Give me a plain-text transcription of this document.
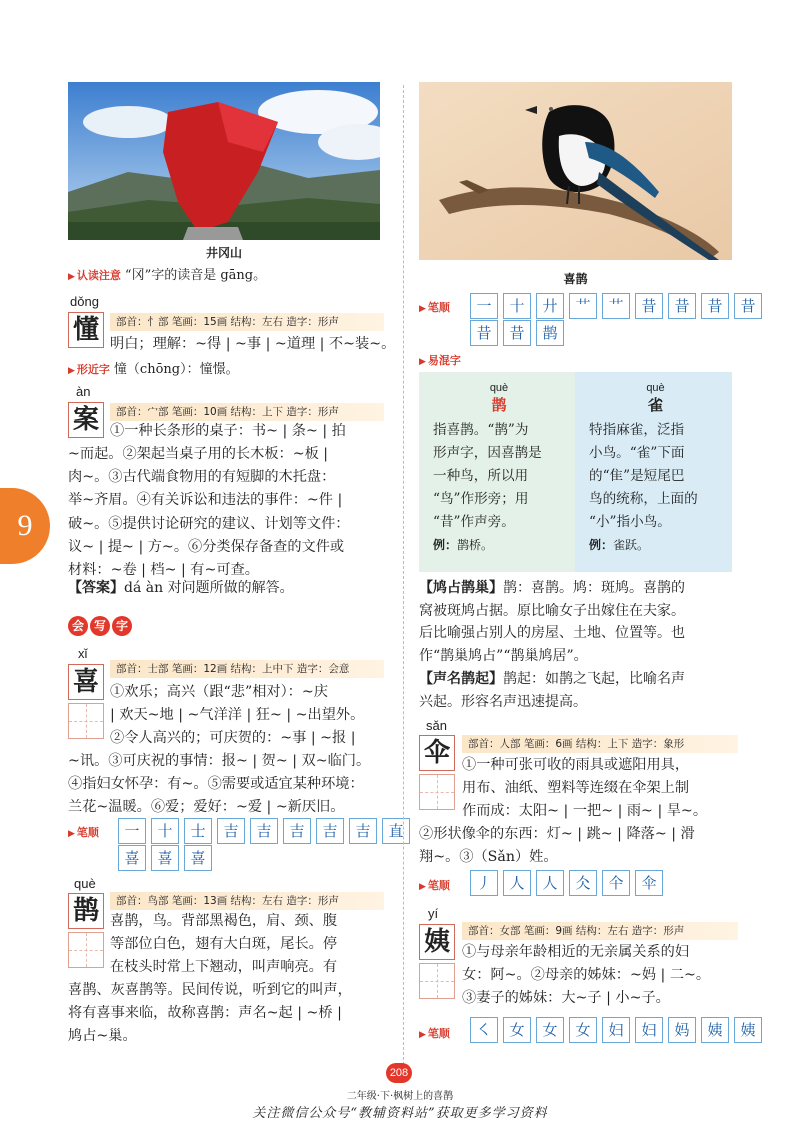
井冈山
▶ 认读注意 “冈”字的读音是 gāng。
dǒng
懂	部首：忄部 笔画：15画 结构：左右 造字：形声
明白；理解：~得 | ~事 | ~道理 | 不~装~。
▶ 形近字 憧（chōng）：憧憬。
àn
案	部首：宀部 笔画：10画 结构：上下 造字：形声
①一种长条形的桌子：书~ | 条~ | 拍
~而起。②架起当桌子用的长木板：~板 |
肉~。③古代端食物用的有短脚的木托盘：
举~齐眉。④有关诉讼和违法的事件：~件 |
破~。⑤提供讨论研究的建议、计划等文件：
议~ | 提~ | 方~。⑥分类保存备查的文件或
材料：~卷 | 档~ | 有~可查。
【答案】dá àn 对问题所做的解答。
9
会 写 字
xǐ
喜	部首：士部 笔画：12画 结构：上中下 造字：会意
①欢乐；高兴（跟“悲”相对）：~庆
| 欢天~地 | ~气洋洋 | 狂~ | ~出望外。
②令人高兴的；可庆贺的：~事 | ~报 |
~讯。③可庆祝的事情：报~ | 贺~ | 双~临门。
④指妇女怀孕：有~。⑤需要或适宜某种环境：
兰花~温暖。⑥爱；爱好：~爱 | ~新厌旧。
▶ 笔顺	一	十	士	吉	吉	吉	吉	吉	直
喜	喜	喜
què
鹊	部首：鸟部 笔画：13画 结构：左右 造字：形声
喜鹊，鸟。背部黑褐色，肩、颈、腹
等部位白色，翅有大白斑，尾长。停
在枝头时常上下翘动，叫声响亮。有
喜鹊、灰喜鹊等。民间传说，听到它的叫声，
将有喜事来临，故称喜鹊：声名~起 | ~桥 |
鸠占~巢。
喜鹊
▶ 笔顺	一	十	廾	艹	艹	昔	昔	昔	昔
昔	昔	鹊
▶ 易混字
què
鹊
指喜鹊。“鹊”为
形声字，因喜鹊是
一种鸟，所以用
“鸟”作形旁；用
“昔”作声旁。
例：鹊桥。
què
雀
特指麻雀，泛指
小鸟。“雀”下面
的“隹”是短尾巴
鸟的统称，上面的
“小”指小鸟。
例：雀跃。
【鸠占鹊巢】鹊：喜鹊。鸠：斑鸠。喜鹊的
窝被斑鸠占据。原比喻女子出嫁住在夫家。
后比喻强占别人的房屋、土地、位置等。也
作“鹊巢鸠占”“鹊巢鸠居”。
【声名鹊起】鹊起：如鹊之飞起，比喻名声
兴起。形容名声迅速提高。
sǎn
伞	部首：人部 笔画：6画 结构：上下 造字：象形
①一种可张可收的雨具或遮阳用具，
用布、油纸、塑料等连缀在伞架上制
作而成：太阳~ | 一把~ | 雨~ | 旱~。
②形状像伞的东西：灯~ | 跳~ | 降落~ | 滑
翔~。③（Sǎn）姓。
▶ 笔顺	丿	人	人	仌	仐	伞
yí
姨	部首：女部 笔画：9画 结构：左右 造字：形声
①与母亲年龄相近的无亲属关系的妇
女：阿~。②母亲的姊妹：~妈 | 二~。
③妻子的姊妹：大~子 | 小~子。
▶ 笔顺	㇛	女	女	女	妇	妇	妈	姨	姨
208
二年级·下·枫树上的喜鹊
关注微信公众号“教辅资料站”获取更多学习资料
